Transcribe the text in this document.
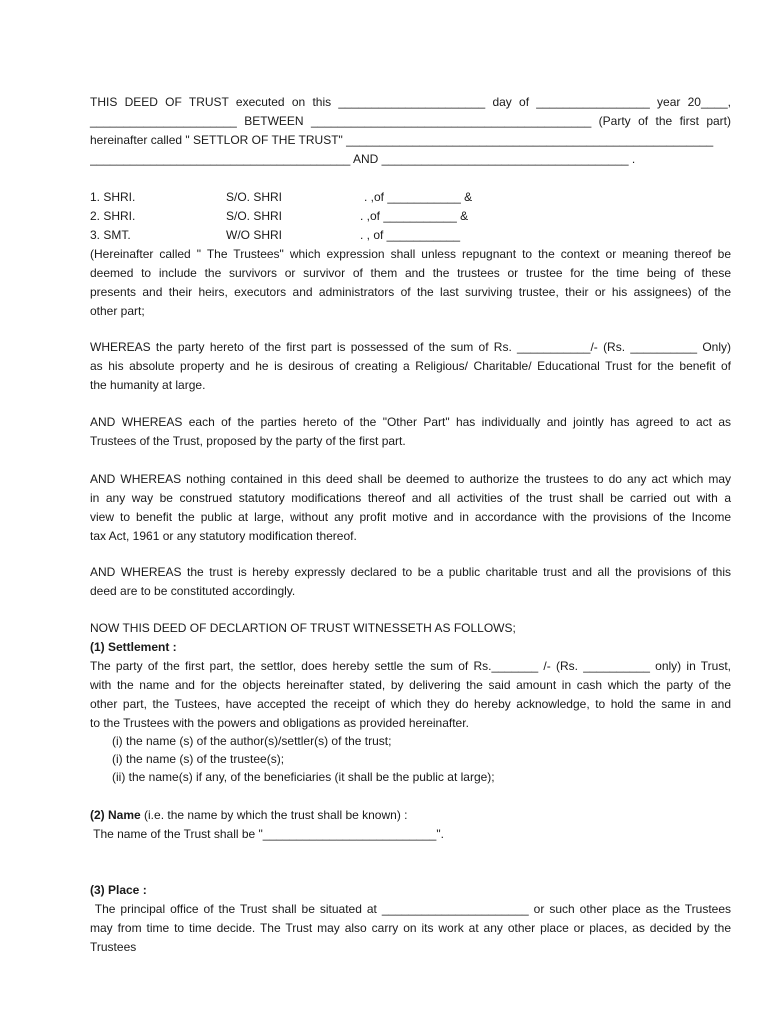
THIS DEED OF TRUST executed on this ______________________ day of _________________ year 20____,
______________________ BETWEEN __________________________________________ (Party of the first part)
hereinafter called " SETTLOR OF THE TRUST" _______________________________________________________
_______________________________________ AND _____________________________________ .
1. SHRI.	S/O. SHRI	. ,of ___________ &
2. SHRI.	S/O. SHRI	. ,of ___________ &
3. SMT.	W/O SHRI	. , of ___________
(Hereinafter called " The Trustees" which expression shall unless repugnant to the context or meaning thereof be
deemed to include the survivors or survivor of them and the trustees or trustee for the time being of these
presents and their heirs, executors and administrators of the last surviving trustee, their or his assignees) of the
other part;
WHEREAS the party hereto of the first part is possessed of the sum of Rs. ___________/- (Rs. __________ Only)
as his absolute property and he is desirous of creating a Religious/ Charitable/ Educational Trust for the benefit of
the humanity at large.
AND WHEREAS each of the parties hereto of the "Other Part" has individually and jointly has agreed to act as
Trustees of the Trust, proposed by the party of the first part.
AND WHEREAS nothing contained in this deed shall be deemed to authorize the trustees to do any act which may
in any way be construed statutory modifications thereof and all activities of the trust shall be carried out with a
view to benefit the public at large, without any profit motive and in accordance with the provisions of the Income
tax Act, 1961 or any statutory modification thereof.
AND WHEREAS the trust is hereby expressly declared to be a public charitable trust and all the provisions of this
deed are to be constituted accordingly.
NOW THIS DEED OF DECLARTION OF TRUST WITNESSETH AS FOLLOWS;
(1) Settlement :
The party of the first part, the settlor, does hereby settle the sum of Rs._______ /- (Rs. __________ only) in Trust,
with the name and for the objects hereinafter stated, by delivering the said amount in cash which the party of the
other part, the Tustees, have accepted the receipt of which they do hereby acknowledge, to hold the same in and
to the Trustees with the powers and obligations as provided hereinafter.
(i) the name (s) of the author(s)/settler(s) of the trust;
(i) the name (s) of the trustee(s);
(ii) the name(s) if any, of the beneficiaries (it shall be the public at large);
(2) Name (i.e. the name by which the trust shall be known) :
The name of the Trust shall be "__________________________".
(3) Place :
The principal office of the Trust shall be situated at ______________________ or such other place as the Trustees
may from time to time decide. The Trust may also carry on its work at any other place or places, as decided by the
Trustees
